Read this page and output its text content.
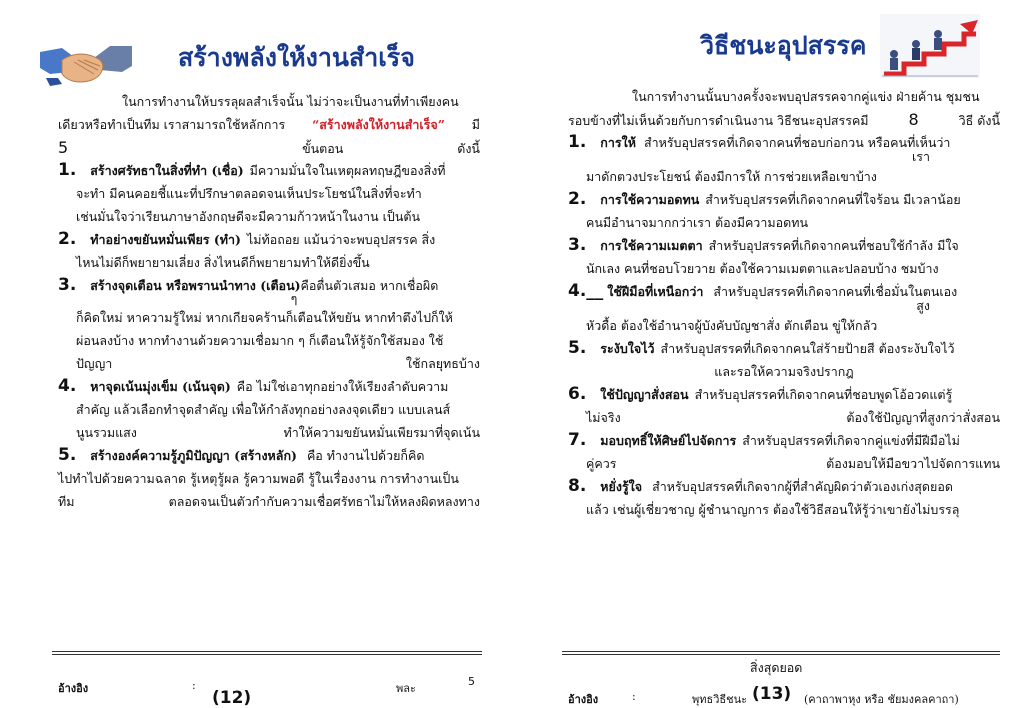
สร้างพลังให้งานสำเร็จ
ในการทำงานให้บรรลุผลสำเร็จนั้น ไม่ว่าจะเป็นงานที่ทำเพียงคน
เดียวหรือทำเป็นทีม เราสามารถใช้หลักการ “สร้างพลังให้งานสำเร็จ” มี
5	ขั้นตอน	ดังนี้
1. สร้างศรัทธาในสิ่งที่ทำ (เชื่อ) มีความมั่นใจในเหตุผลทฤษฎีของสิ่งที่
จะทำ มีคนคอยชี้แนะที่ปรึกษาตลอดจนเห็นประโยชน์ในสิ่งที่จะทำ
เช่นมั่นใจว่าเรียนภาษาอังกฤษดีจะมีความก้าวหน้าในงาน เป็นต้น
2. ทำอย่างขยันหมั่นเพียร (ทำ) ไม่ท้อถอย แม้นว่าจะพบอุปสรรค สิ่ง
ไหนไม่ดีก็พยายามเลี่ยง สิ่งไหนดีก็พยายามทำให้ดียิ่งขึ้น
3. สร้างจุดเตือน หรือพรานนำทาง (เตือน) คือตื่นตัวเสมอ หากเชื่อผิด
ๆ
ก็คิดใหม่ หาความรู้ใหม่ หากเกียจคร้านก็เตือนให้ขยัน หากทำตึงไปก็ให้
ผ่อนลงบ้าง หากทำงานด้วยความเชื่อมาก ๆ ก็เตือนให้รู้จักใช้สมอง ใช้
ปัญญา	ใช้กลยุทธบ้าง
4. หาจุดเน้นมุ่งเข็ม (เน้นจุด) คือ ไม่ใช่เอาทุกอย่างให้เรียงลำดับความ
สำคัญ แล้วเลือกทำจุดสำคัญ เพื่อให้กำลังทุกอย่างลงจุดเดียว แบบเลนส์
นูนรวมแสง	ทำให้ความขยันหมั่นเพียรมาที่จุดเน้น
5. สร้างองค์ความรู้ภูมิปัญญา (สร้างหลัก) คือ ทำงานไปด้วยก็คิด
ไปทำไปด้วยความฉลาด รู้เหตุรู้ผล รู้ความพอดี รู้ในเรื่องงาน การทำงานเป็น
ทีม	ตลอดจนเป็นตัวกำกับความเชื่อศรัทธาไม่ให้หลงผิดหลงทาง
อ้างอิง	:
(12)	พละ
5
วิธีชนะอุปสรรค
ในการทำงานนั้นบางครั้งจะพบอุปสรรคจากคู่แข่ง ฝ่ายค้าน ชุมชน
รอบข้างที่ไม่เห็นด้วยกับการดำเนินงาน วิธีชนะอุปสรรคมี 8	วิธี ดังนี้
1. การให้ สำหรับอุปสรรคที่เกิดจากคนที่ชอบก่อกวน หรือคนที่เห็นว่า
เรา
มาดักตวงประโยชน์ ต้องมีการให้ การช่วยเหลือเขาบ้าง
2. การใช้ความอดทน สำหรับอุปสรรคที่เกิดจากคนที่ใจร้อน มีเวลาน้อย
คนมีอำนาจมากกว่าเรา ต้องมีความอดทน
3. การใช้ความเมตตา สำหรับอุปสรรคที่เกิดจากคนที่ชอบใช้กำลัง มีใจ
นักเลง คนที่ชอบโวยวาย ต้องใช้ความเมตตาและปลอบบ้าง ชมบ้าง
4.__ ใช้ฝีมือที่เหนือกว่า สำหรับอุปสรรคที่เกิดจากคนที่เชื่อมั่นในตนเอง
สูง
หัวดื้อ ต้องใช้อำนาจผู้บังคับบัญชาสั่ง ตักเตือน ขู่ให้กลัว
5. ระงับใจไว้ สำหรับอุปสรรคที่เกิดจากคนใส่ร้ายป้ายสี ต้องระงับใจไว้
และรอให้ความจริงปรากฎ
6. ใช้ปัญญาสั่งสอน สำหรับอุปสรรคที่เกิดจากคนที่ชอบพูดโอ้อวดแต่รู้
ไม่จริง	ต้องใช้ปัญญาที่สูงกว่าสั่งสอน
7. มอบฤทธิ์ให้ศิษย์ไปจัดการ สำหรับอุปสรรคที่เกิดจากคู่แข่งที่มีฝีมือไม่
คู่ควร	ต้องมอบให้มือขวาไปจัดการแทน
8. หยั่งรู้ใจ สำหรับอุปสรรคที่เกิดจากผู้ที่สำคัญผิดว่าตัวเองเก่งสุดยอด
แล้ว เช่นผู้เชี่ยวชาญ ผู้ชำนาญการ ต้องใช้วิธีสอนให้รู้ว่าเขายังไม่บรรลุ
สิ่งสุดยอด
อ้างอิง	:	พุทธวิธีชนะ (13) (คาถาพาหุง หรือ ชัยมงคลคาถา)
